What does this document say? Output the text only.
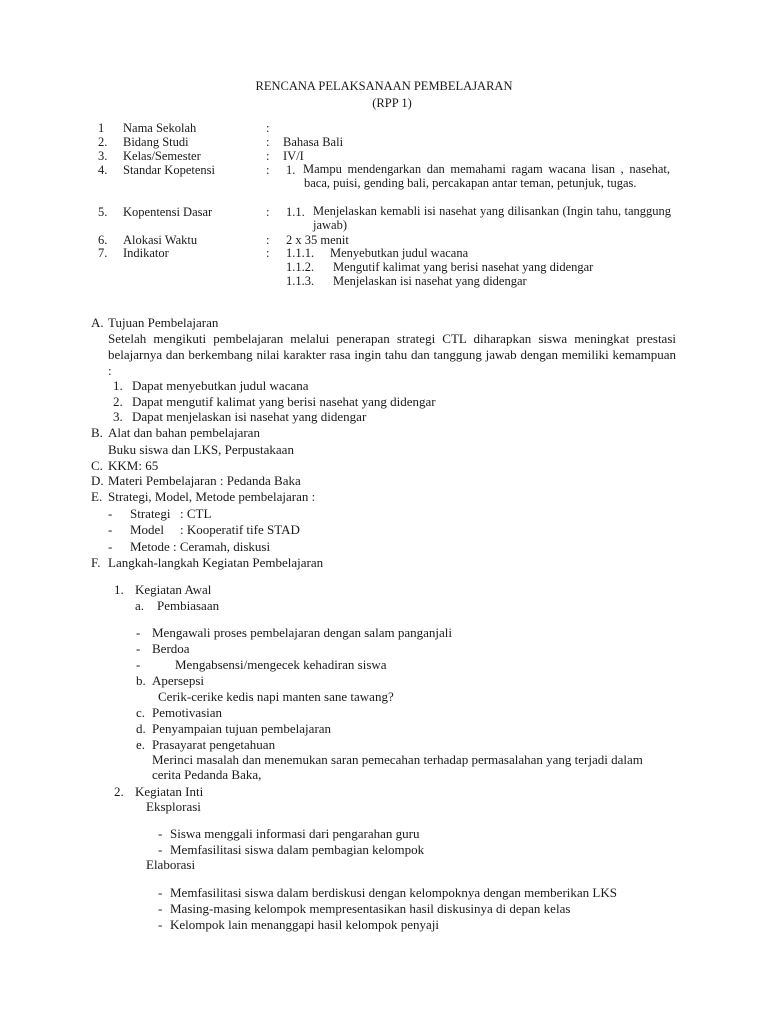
RENCANA PELAKSANAAN PEMBELAJARAN
(RPP 1)
1 Nama Sekolah	:
2. Bidang Studi	: Bahasa Bali
3. Kelas/Semester	: IV/I
4. Standar Kopetensi	: 1. Mampu mendengarkan dan memahami ragam wacana lisan , nasehat, baca, puisi, gending bali, percakapan antar teman, petunjuk, tugas.
5. Kopentensi Dasar	: 1.1. Menjelaskan kemabli isi nasehat yang dilisankan (Ingin tahu, tanggung jawab)
6. Alokasi Waktu	: 2 x 35 menit
7. Indikator	: 1.1.1. Menyebutkan judul wacana
1.1.2. Mengutif kalimat yang berisi nasehat yang didengar
1.1.3. Menjelaskan isi nasehat yang didengar
A. Tujuan Pembelajaran
Setelah mengikuti pembelajaran melalui penerapan strategi CTL diharapkan siswa meningkat prestasi belajarnya dan berkembang nilai karakter rasa ingin tahu dan tanggung jawab dengan memiliki kemampuan :
1. Dapat menyebutkan judul wacana
2. Dapat mengutif kalimat yang berisi nasehat yang didengar
3. Dapat menjelaskan isi nasehat yang didengar
B. Alat dan bahan pembelajaran
Buku siswa dan LKS, Perpustakaan
C. KKM: 65
D. Materi Pembelajaran : Pedanda Baka
E. Strategi, Model, Metode pembelajaran :
- Strategi : CTL
- Model : Kooperatif tife STAD
- Metode : Ceramah, diskusi
F. Langkah-langkah Kegiatan Pembelajaran
1. Kegiatan Awal
a. Pembiasaan
- Mengawali proses pembelajaran dengan salam panganjali
- Berdoa
-	Mengabsensi/mengecek kehadiran siswa
b. Apersepsi
Cerik-cerike kedis napi manten sane tawang?
c. Pemotivasian
d. Penyampaian tujuan pembelajaran
e. Prasayarat pengetahuan
Merinci masalah dan menemukan saran pemecahan terhadap permasalahan yang terjadi dalam
cerita Pedanda Baka,
2. Kegiatan Inti
Eksplorasi
- Siswa menggali informasi dari pengarahan guru
- Memfasilitasi siswa dalam pembagian kelompok
Elaborasi
- Memfasilitasi siswa dalam berdiskusi dengan kelompoknya dengan memberikan LKS
- Masing-masing kelompok mempresentasikan hasil diskusinya di depan kelas
- Kelompok lain menanggapi hasil kelompok penyaji
